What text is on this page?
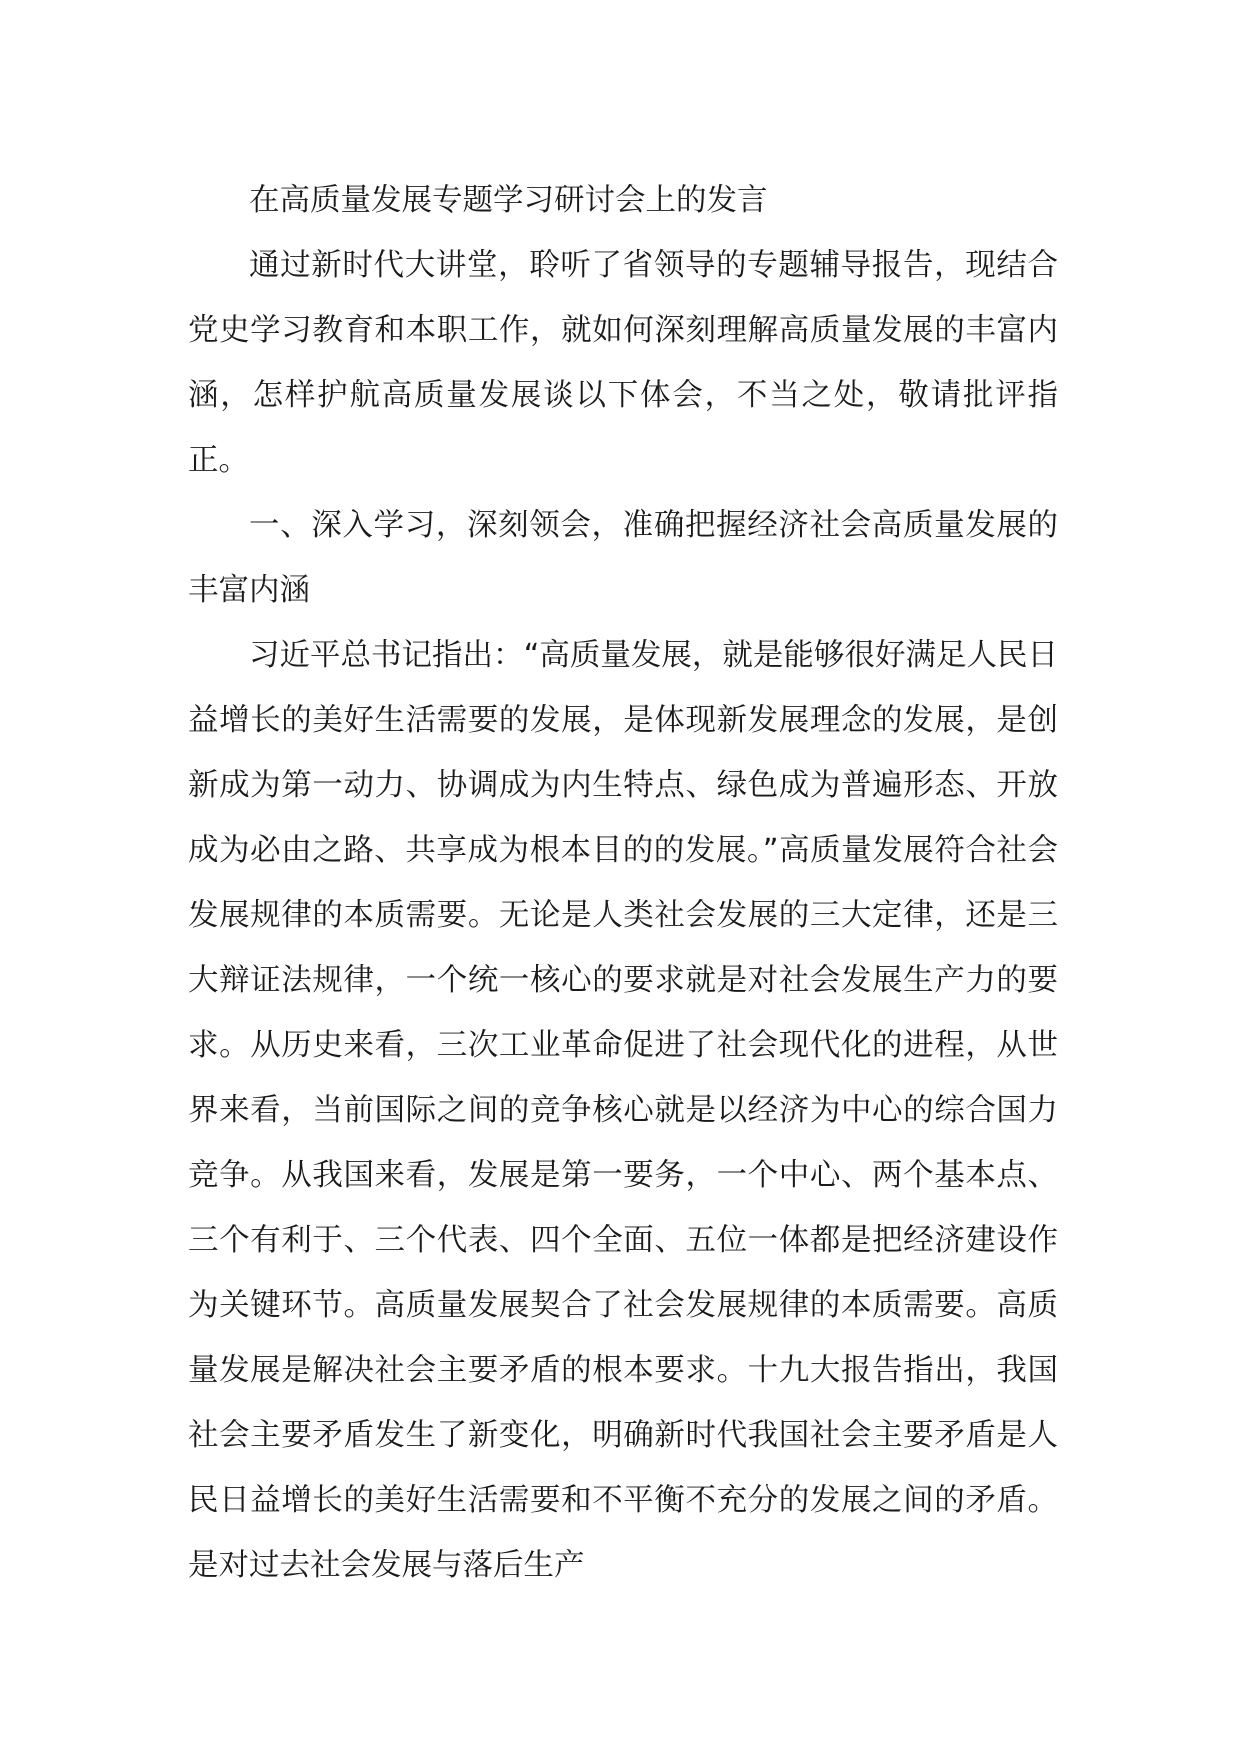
在高质量发展专题学习研讨会上的发言

通过新时代大讲堂，聆听了省领导的专题辅导报告，现结合党史学习教育和本职工作，就如何深刻理解高质量发展的丰富内涵，怎样护航高质量发展谈以下体会，不当之处，敬请批评指正。

一、深入学习，深刻领会，准确把握经济社会高质量发展的丰富内涵

习近平总书记指出：“高质量发展，就是能够很好满足人民日益增长的美好生活需要的发展，是体现新发展理念的发展，是创新成为第一动力、协调成为内生特点、绿色成为普遍形态、开放成为必由之路、共享成为根本目的的发展。”高质量发展符合社会发展规律的本质需要。无论是人类社会发展的三大定律，还是三大辩证法规律，一个统一核心的要求就是对社会发展生产力的要求。从历史来看，三次工业革命促进了社会现代化的进程，从世界来看，当前国际之间的竞争核心就是以经济为中心的综合国力竞争。从我国来看，发展是第一要务，一个中心、两个基本点、三个有利于、三个代表、四个全面、五位一体都是把经济建设作为关键环节。高质量发展契合了社会发展规律的本质需要。高质量发展是解决社会主要矛盾的根本要求。十九大报告指出，我国社会主要矛盾发生了新变化，明确新时代我国社会主要矛盾是人民日益增长的美好生活需要和不平衡不充分的发展之间的矛盾。是对过去社会发展与落后生产
